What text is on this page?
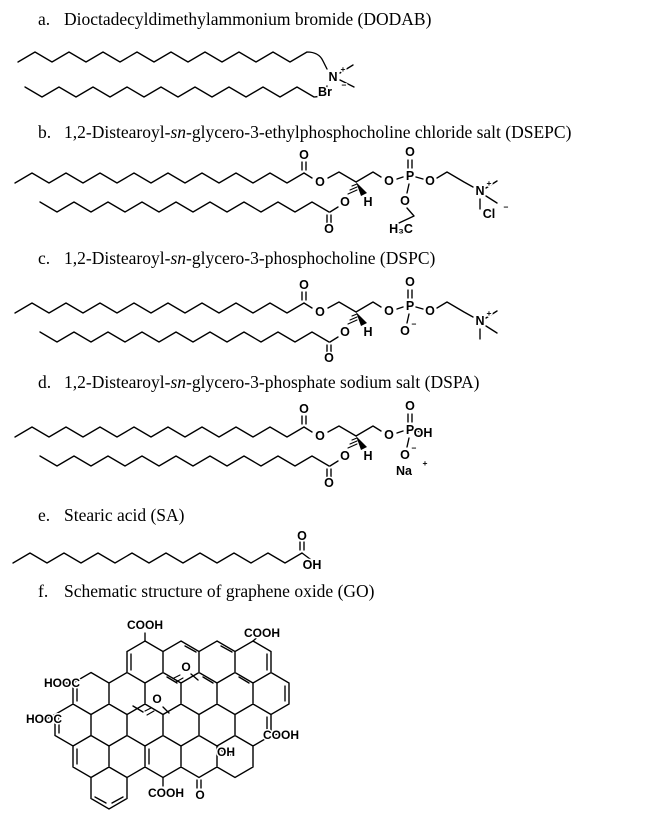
a. Dioctadecyldimethylammonium bromide (DODAB)
b. 1,2-Distearoyl-sn-glycero-3-ethylphosphocholine chloride salt (DSEPC)
c. 1,2-Distearoyl-sn-glycero-3-phosphocholine (DSPC)
d. 1,2-Distearoyl-sn-glycero-3-phosphate sodium salt (DSPA)
e. Stearic acid (SA)
f. Schematic structure of graphene oxide (GO)
N
+
Br −
O
O	O P
O
O
N
+
Cl −
O
H₃C
H
O
O
O
O	O P
O
O
N
+
O −
H
O
O
O
O	O P
O
OH
O −
Na
+
H
O
O
O
OH
COOH
COOH
HOOC
HOOC
COOH
COOH O
OH
O
O
